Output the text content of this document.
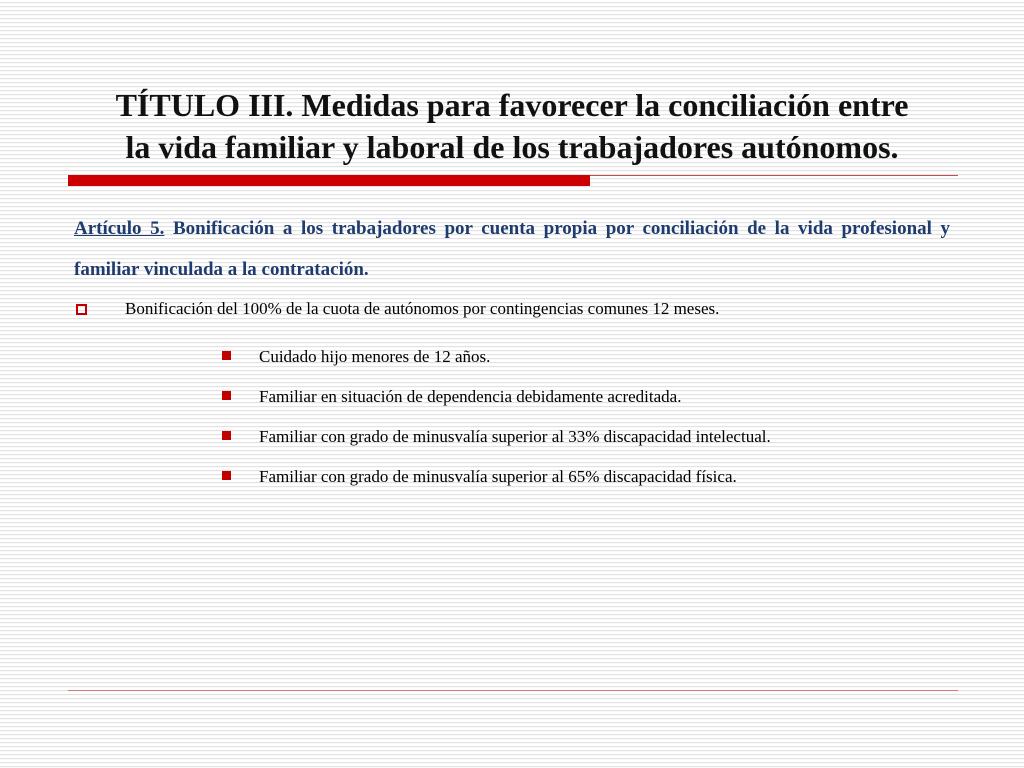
TÍTULO III. Medidas para favorecer la conciliación entre
la vida familiar y laboral de los trabajadores autónomos.
Artículo 5. Bonificación a los trabajadores por cuenta propia por conciliación de la vida profesional y familiar vinculada a la contratación.
Bonificación del 100% de la cuota de autónomos por contingencias comunes 12 meses.
Cuidado hijo menores de 12 años.
Familiar en situación de dependencia debidamente acreditada.
Familiar con grado de minusvalía superior al 33% discapacidad intelectual.
Familiar con grado de minusvalía superior al 65% discapacidad física.
